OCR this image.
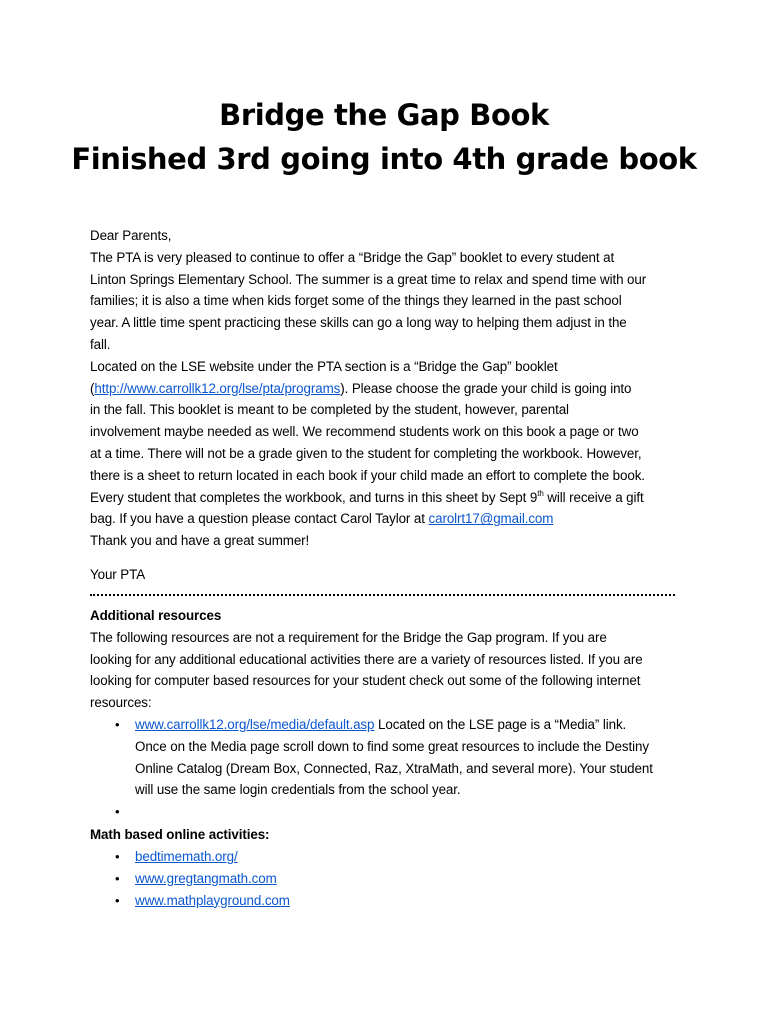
Bridge the Gap Book
Finished 3rd going into 4th grade book
Dear Parents,
The PTA is very pleased to continue to offer a “Bridge the Gap” booklet to every student at
Linton Springs Elementary School. The summer is a great time to relax and spend time with our
families; it is also a time when kids forget some of the things they learned in the past school
year. A little time spent practicing these skills can go a long way to helping them adjust in the
fall.
Located on the LSE website under the PTA section is a “Bridge the Gap” booklet
(http://www.carrollk12.org/lse/pta/programs). Please choose the grade your child is going into
in the fall. This booklet is meant to be completed by the student, however, parental
involvement maybe needed as well. We recommend students work on this book a page or two
at a time. There will not be a grade given to the student for completing the workbook. However,
there is a sheet to return located in each book if your child made an effort to complete the book.
Every student that completes the workbook, and turns in this sheet by Sept 9th will receive a gift
bag. If you have a question please contact Carol Taylor at carolrt17@gmail.com
Thank you and have a great summer!
Your PTA
Additional resources
The following resources are not a requirement for the Bridge the Gap program. If you are
looking for any additional educational activities there are a variety of resources listed. If you are
looking for computer based resources for your student check out some of the following internet
resources:
• www.carrollk12.org/lse/media/default.asp Located on the LSE page is a “Media” link.
Once on the Media page scroll down to find some great resources to include the Destiny
Online Catalog (Dream Box, Connected, Raz, XtraMath, and several more). Your student
will use the same login credentials from the school year.
•
Math based online activities:
• bedtimemath.org/
• www.gregtangmath.com
• www.mathplayground.com
